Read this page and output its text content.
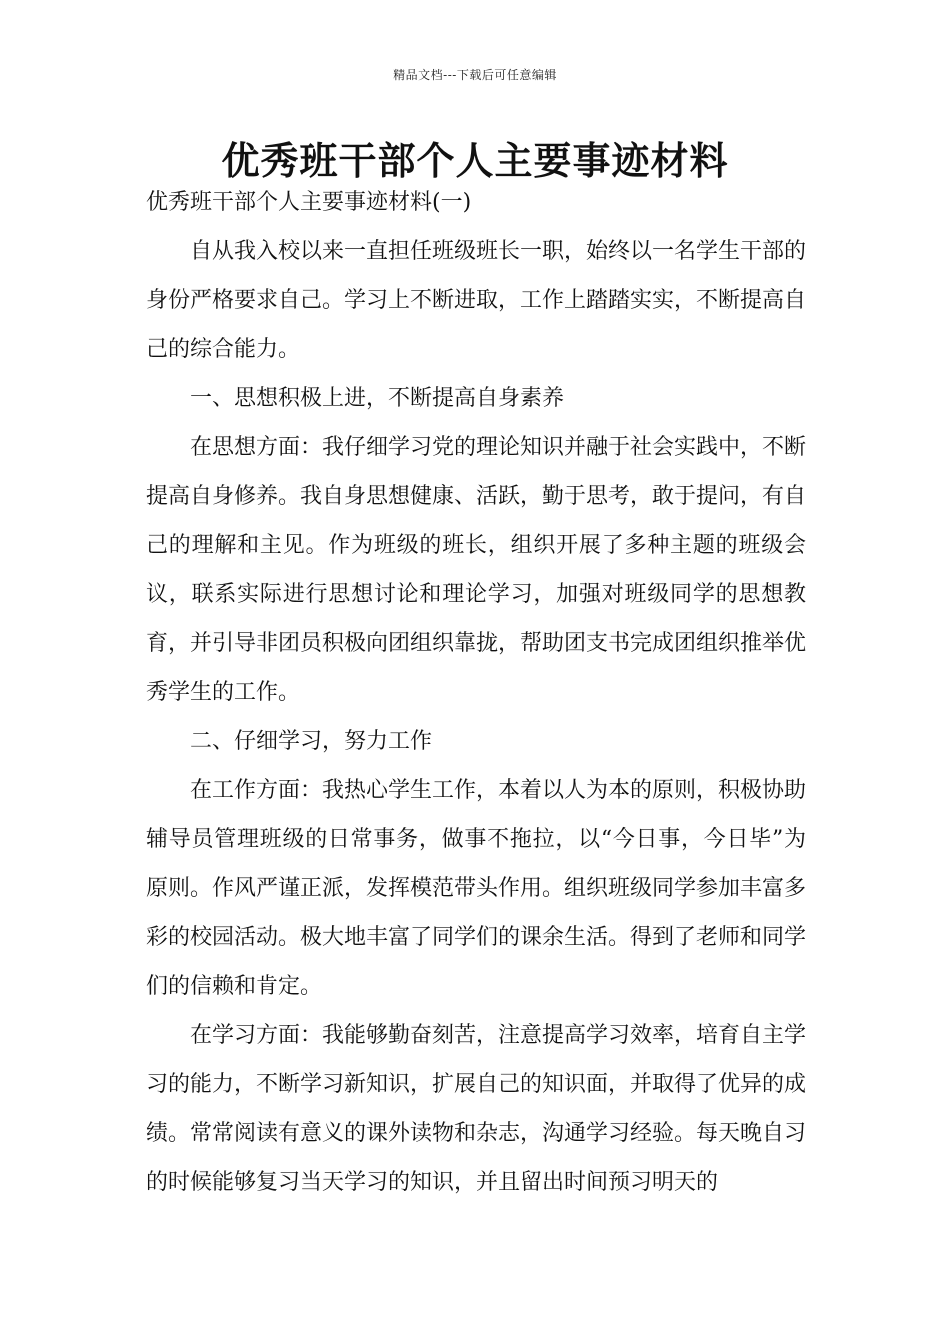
精品文档---下载后可任意编辑
优秀班干部个人主要事迹材料

优秀班干部个人主要事迹材料(一)

自从我入校以来一直担任班级班长一职，始终以一名学生干部的身份严格要求自己。学习上不断进取，工作上踏踏实实，不断提高自己的综合能力。

一、思想积极上进，不断提高自身素养

在思想方面：我仔细学习党的理论知识并融于社会实践中，不断提高自身修养。我自身思想健康、活跃，勤于思考，敢于提问，有自己的理解和主见。作为班级的班长，组织开展了多种主题的班级会议，联系实际进行思想讨论和理论学习，加强对班级同学的思想教育，并引导非团员积极向团组织靠拢，帮助团支书完成团组织推举优秀学生的工作。

二、仔细学习，努力工作

在工作方面：我热心学生工作，本着以人为本的原则，积极协助辅导员管理班级的日常事务，做事不拖拉，以“今日事，今日毕”为原则。作风严谨正派，发挥模范带头作用。组织班级同学参加丰富多彩的校园活动。极大地丰富了同学们的课余生活。得到了老师和同学们的信赖和肯定。

在学习方面：我能够勤奋刻苦，注意提高学习效率，培育自主学习的能力，不断学习新知识，扩展自己的知识面，并取得了优异的成绩。常常阅读有意义的课外读物和杂志，沟通学习经验。每天晚自习的时候能够复习当天学习的知识，并且留出时间预习明天的
